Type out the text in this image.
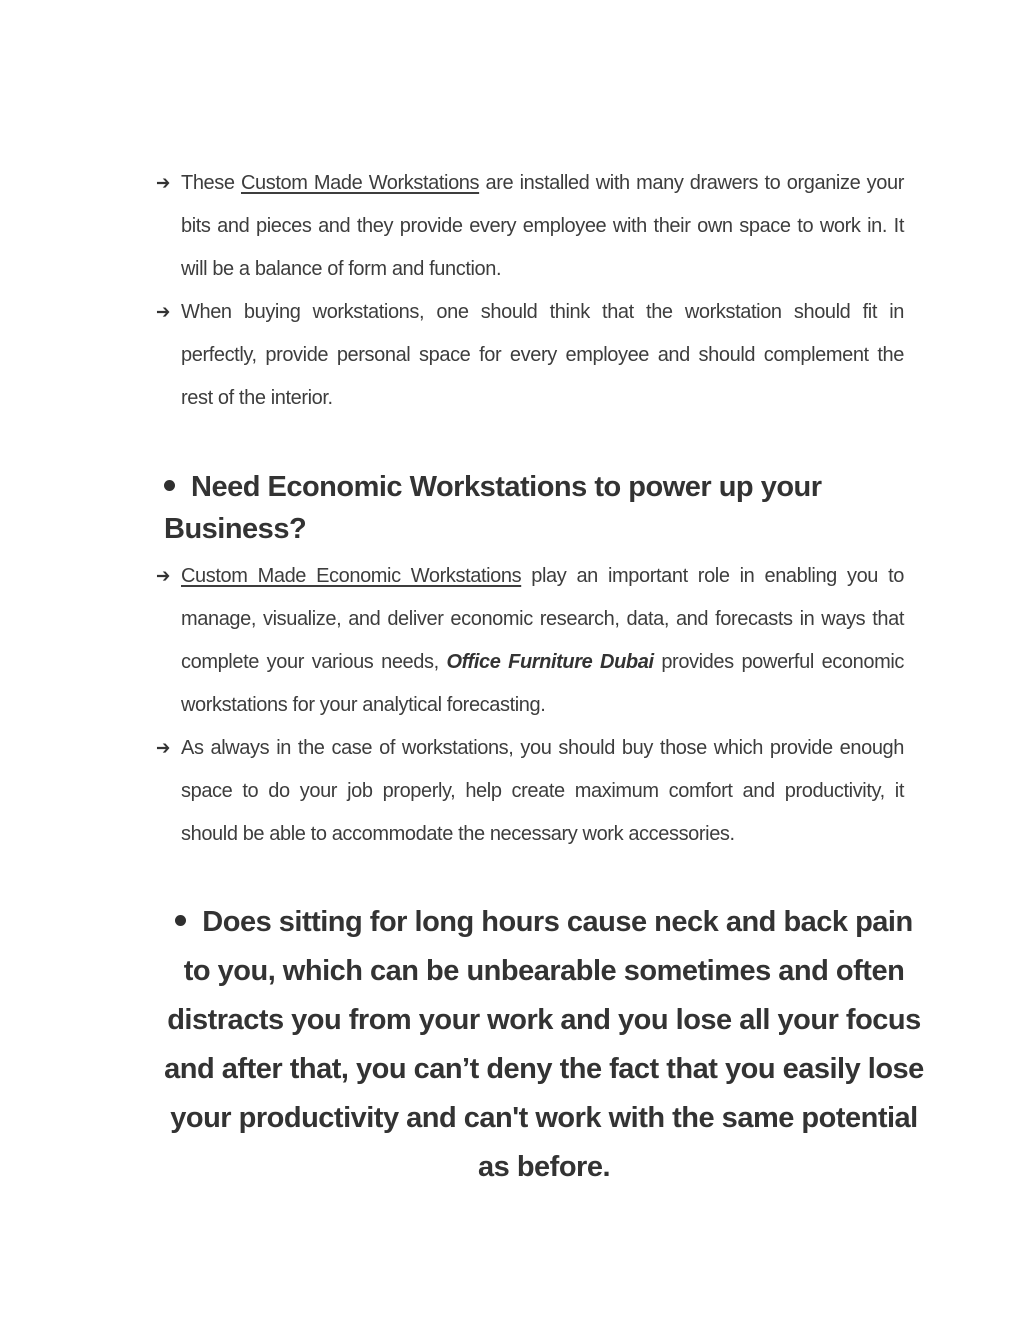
➔ These Custom Made Workstations are installed with many drawers to organize your bits and pieces and they provide every employee with their own space to work in. It will be a balance of form and function.
➔ When buying workstations, one should think that the workstation should fit in perfectly, provide personal space for every employee and should complement the rest of the interior.
Need Economic Workstations to power up your Business?
➔ Custom Made Economic Workstations play an important role in enabling you to manage, visualize, and deliver economic research, data, and forecasts in ways that complete your various needs, Office Furniture Dubai provides powerful economic workstations for your analytical forecasting.
➔ As always in the case of workstations, you should buy those which provide enough space to do your job properly, help create maximum comfort and productivity, it should be able to accommodate the necessary work accessories.
Does sitting for long hours cause neck and back pain to you, which can be unbearable sometimes and often distracts you from your work and you lose all your focus and after that, you can’t deny the fact that you easily lose your productivity and can't work with the same potential as before.
